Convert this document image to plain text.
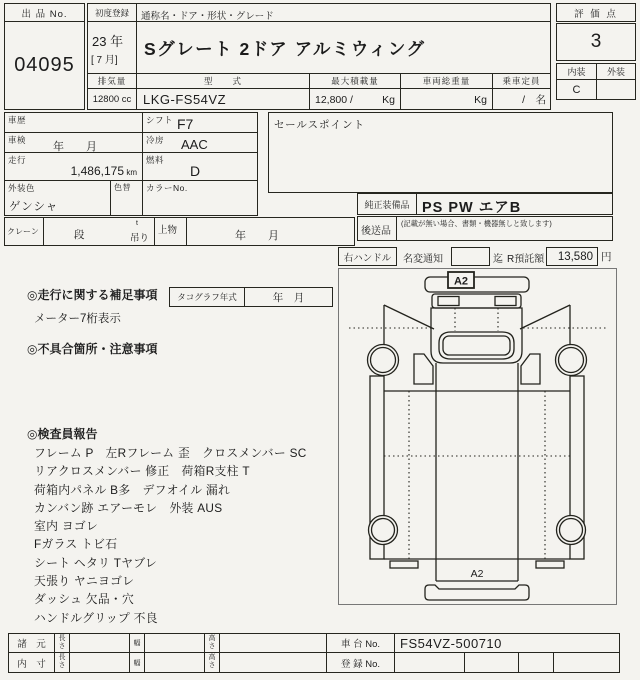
出 品 No.
04095
初度登録
23 年
[ 7 月]
通称名・ドア・形状・グレード
Sグレート 2ドア アルミウィング
評 価 点
3
内装	外装
C
排気量
12800 cc
型　　式
LKG-FS54VZ
最大積載量
12,800 /	Kg
車両総重量
Kg
乗車定員
/　名
車歴	シフト F7
車検
年　　月
冷房 AAC
走行
1,486,175 km
燃料
D
外装色
ゲンシャ
色替 カラーNo.
クレーン	段
t
吊り
上物	年　　月
セールスポイント
純正装備品 PS PW エアB
後送品
(記載が無い場合、書類・機器無しと致します)
右ハンドル	名変通知	迄 R預託額 13,580 円
◎走行に関する補足事項	タコグラフ年式	年　月
メーター7桁表示
◎不具合箇所・注意事項
◎検査員報告
フレーム P　左Rフレーム 歪　クロスメンバー SC
リアクロスメンバー 修正　荷箱R支柱 T
荷箱内パネル B多　デフオイル 漏れ
カンバン跡 エアーモレ　外装 AUS
室内 ヨゴレ
Fガラス トビ石
シート ヘタリ Tヤブレ
天張り ヤニヨゴレ
ダッシュ 欠品・穴
ハンドルグリップ 不良
A2
A2
諸　元
長さ	幅
高さ	車 台 No.	FS54VZ-500710
内　寸
長さ	幅
高さ	登 録 No.
